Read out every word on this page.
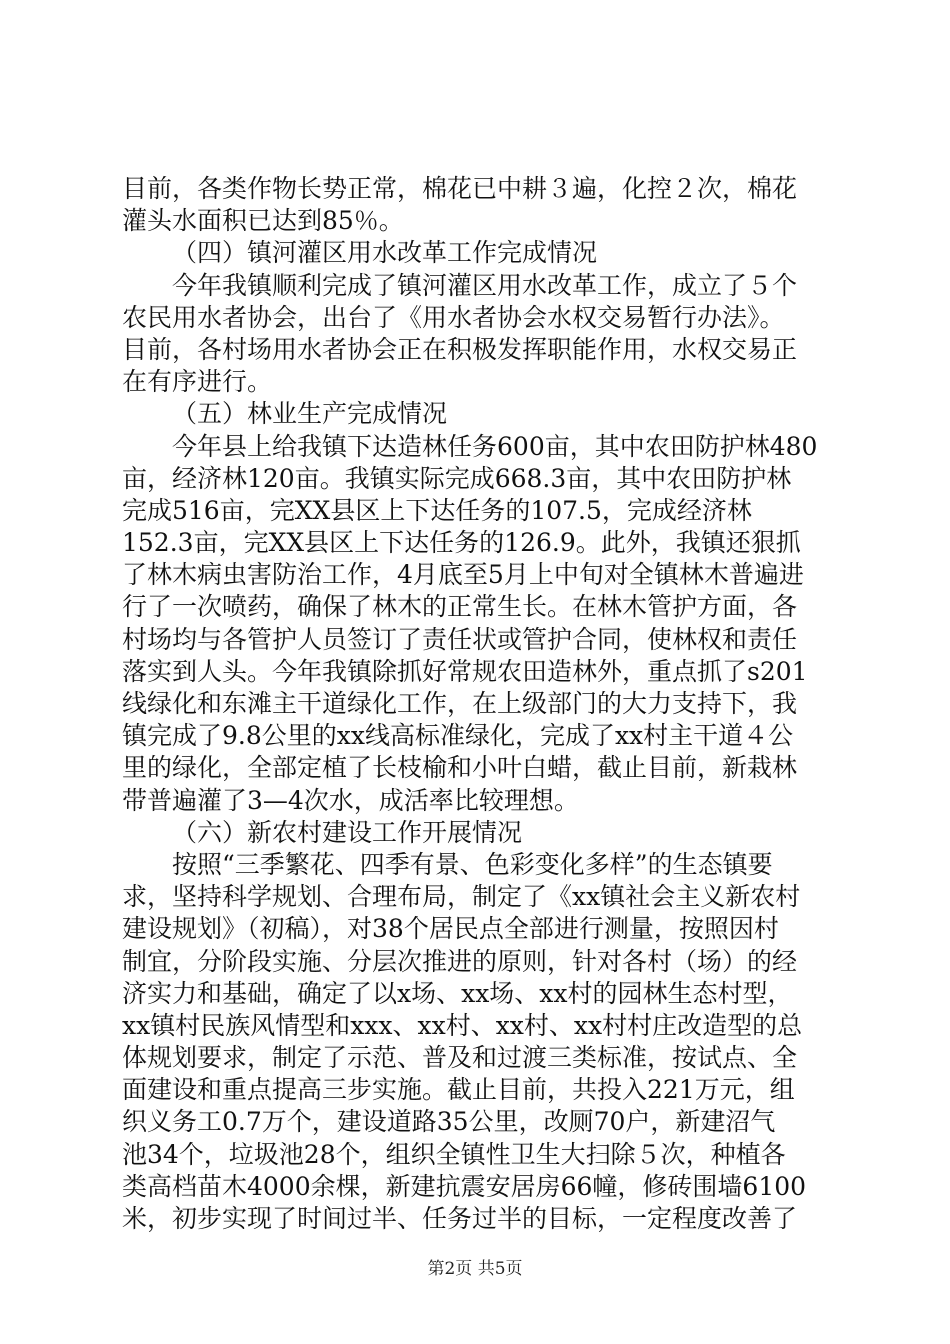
目前，各类作物长势正常，棉花已中耕３遍，化控２次，棉花
灌头水面积已达到85％。
（四）镇河灌区用水改革工作完成情况
今年我镇顺利完成了镇河灌区用水改革工作，成立了５个
农民用水者协会，出台了《用水者协会水权交易暂行办法》。
目前，各村场用水者协会正在积极发挥职能作用，水权交易正
在有序进行。
（五）林业生产完成情况
今年县上给我镇下达造林任务600亩，其中农田防护林480
亩，经济林120亩。我镇实际完成668.3亩，其中农田防护林
完成516亩，完XX县区上下达任务的107.5，完成经济林
152.3亩，完XX县区上下达任务的126.9。此外，我镇还狠抓
了林木病虫害防治工作，4月底至5月上中旬对全镇林木普遍进
行了一次喷药，确保了林木的正常生长。在林木管护方面，各
村场均与各管护人员签订了责任状或管护合同，使林权和责任
落实到人头。今年我镇除抓好常规农田造林外，重点抓了s201
线绿化和东滩主干道绿化工作，在上级部门的大力支持下，我
镇完成了9.8公里的xx线高标准绿化，完成了xx村主干道４公
里的绿化，全部定植了长枝榆和小叶白蜡，截止目前，新栽林
带普遍灌了3—4次水，成活率比较理想。
（六）新农村建设工作开展情况
按照“三季繁花、四季有景、色彩变化多样”的生态镇要
求，坚持科学规划、合理布局，制定了《xx镇社会主义新农村
建设规划》（初稿），对38个居民点全部进行测量，按照因村
制宜，分阶段实施、分层次推进的原则，针对各村（场）的经
济实力和基础，确定了以x场、xx场、xx村的园林生态村型，
xx镇村民族风情型和xxx、xx村、xx村、xx村村庄改造型的总
体规划要求，制定了示范、普及和过渡三类标准，按试点、全
面建设和重点提高三步实施。截止目前，共投入221万元，组
织义务工0.7万个，建设道路35公里，改厕70户，新建沼气
池34个，垃圾池28个，组织全镇性卫生大扫除５次，种植各
类高档苗木4000余棵，新建抗震安居房66幢，修砖围墙6100
米，初步实现了时间过半、任务过半的目标，一定程度改善了
第2页 共5页
